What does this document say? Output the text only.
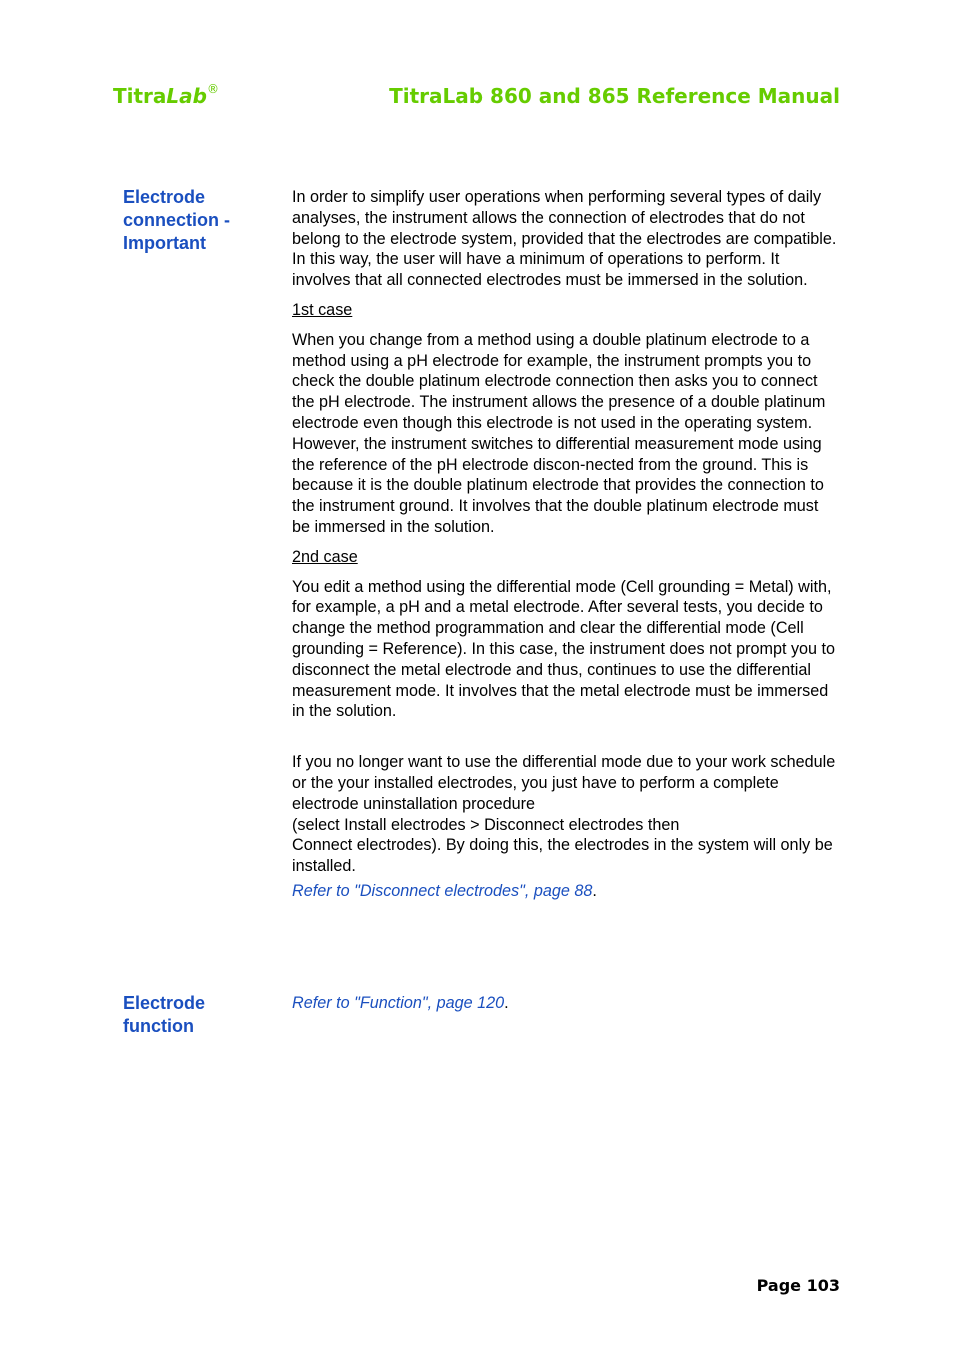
TitraLab®	TitraLab 860 and 865 Reference Manual
Electrode
connection -
Important

In order to simplify user operations when performing several types of daily analyses, the instrument allows the connection of electrodes that do not belong to the electrode system, provided that the electrodes are compatible. In this way, the user will have a minimum of operations to perform. It involves that all connected electrodes must be immersed in the solution.

1st case

When you change from a method using a double platinum electrode to a method using a pH electrode for example, the instrument prompts you to check the double platinum electrode connection then asks you to connect the pH electrode. The instrument allows the presence of a double platinum electrode even though this electrode is not used in the operating system. However, the instrument switches to differential measurement mode using the reference of the pH electrode discon-nected from the ground. This is because it is the double platinum electrode that provides the connection to the instrument ground. It involves that the double platinum electrode must be immersed in the solution.

2nd case

You edit a method using the differential mode (Cell grounding = Metal) with, for example, a pH and a metal electrode. After several tests, you decide to change the method programmation and clear the differential mode (Cell grounding = Reference). In this case, the instrument does not prompt you to disconnect the metal electrode and thus, continues to use the differential measurement mode. It involves that the metal electrode must be immersed in the solution.

If you no longer want to use the differential mode due to your work schedule or the your installed electrodes, you just have to perform a complete electrode uninstallation procedure

(select Install electrodes > Disconnect electrodes then

Connect electrodes). By doing this, the electrodes in the system will only be installed.

Refer to "Disconnect electrodes", page 88.

Electrode
function

Refer to "Function", page 120.

Page 103
